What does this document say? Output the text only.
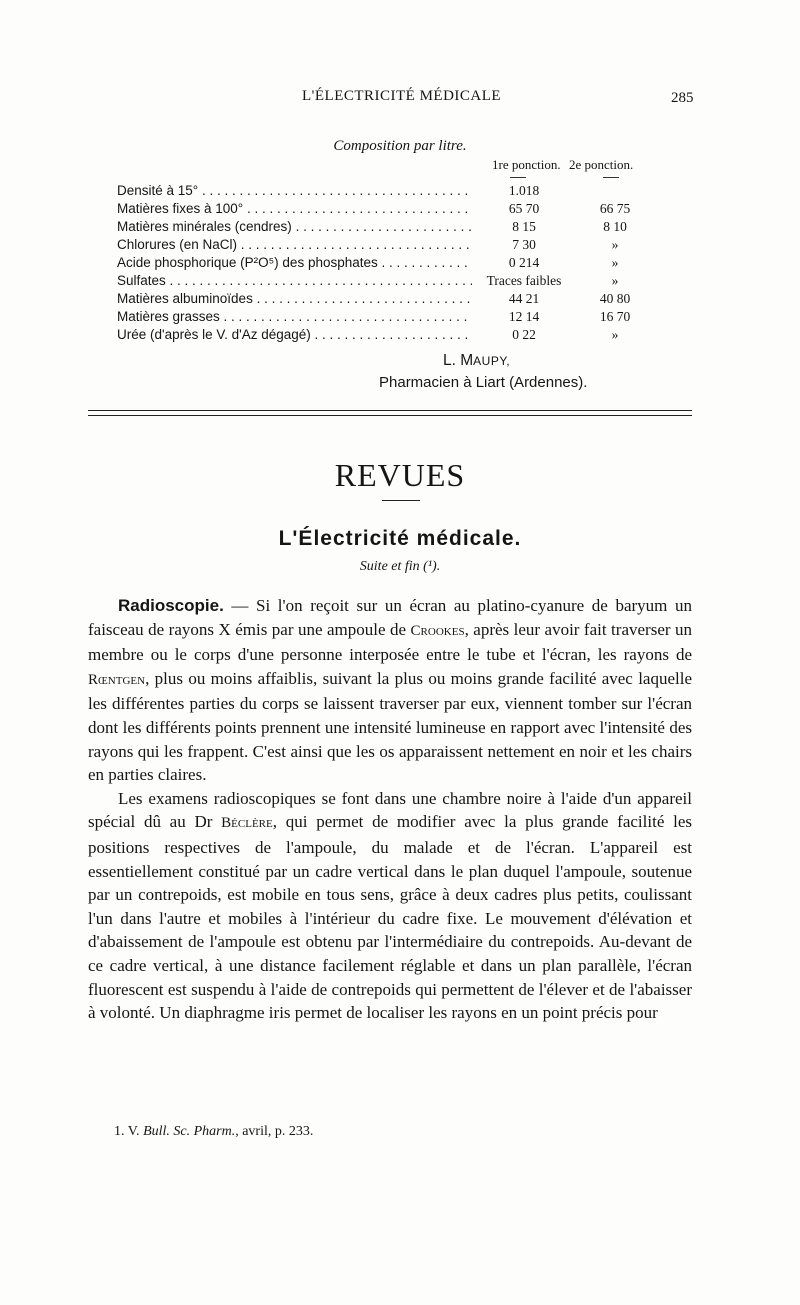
L'ÉLECTRICITÉ MÉDICALE	285
Composition par litre.
1re ponction. 2e ponction.
Densité à 15° . . .	1.018
Matières fixes à 100° . . .	65 70	66 75
Matières minérales (cendres) . . .	8 15	8 10
Chlorures (en NaCl) . . .	7 30	»
Acide phosphorique (P²O⁵) des phosphates . . .	0 214	»
Sulfates . . .	Traces faibles	»
Matières albuminoïdes . . .	44 21	40 80
Matières grasses . . .	12 14	16 70
Urée (d'après le V. d'Az dégagé) . . .	0 22	»
L. MAUPY,
Pharmacien à Liart (Ardennes).
REVUES
L'Électricité médicale.
Suite et fin (¹).

Radioscopie. — Si l'on reçoit sur un écran au platino-cyanure de baryum un faisceau de rayons X émis par une ampoule de Crookes, après leur avoir fait traverser un membre ou le corps d'une personne interposée entre le tube et l'écran, les rayons de Rœntgen, plus ou moins affaiblis, suivant la plus ou moins grande facilité avec laquelle les différentes parties du corps se laissent traverser par eux, viennent tomber sur l'écran dont les différents points prennent une intensité lumineuse en rapport avec l'intensité des rayons qui les frappent. C'est ainsi que les os apparaissent nettement en noir et les chairs en parties claires.

Les examens radioscopiques se font dans une chambre noire à l'aide d'un appareil spécial dû au Dr Béclère, qui permet de modifier avec la plus grande facilité les positions respectives de l'ampoule, du malade et de l'écran. L'appareil est essentiellement constitué par un cadre vertical dans le plan duquel l'ampoule, soutenue par un contrepoids, est mobile en tous sens, grâce à deux cadres plus petits, coulissant l'un dans l'autre et mobiles à l'intérieur du cadre fixe. Le mouvement d'élévation et d'abaissement de l'ampoule est obtenu par l'intermédiaire du contrepoids. Au-devant de ce cadre vertical, à une distance facilement réglable et dans un plan parallèle, l'écran fluorescent est suspendu à l'aide de contrepoids qui permettent de l'élever et de l'abaisser à volonté. Un diaphragme iris permet de localiser les rayons en un point précis pour

1. V. Bull. Sc. Pharm., avril, p. 233.
